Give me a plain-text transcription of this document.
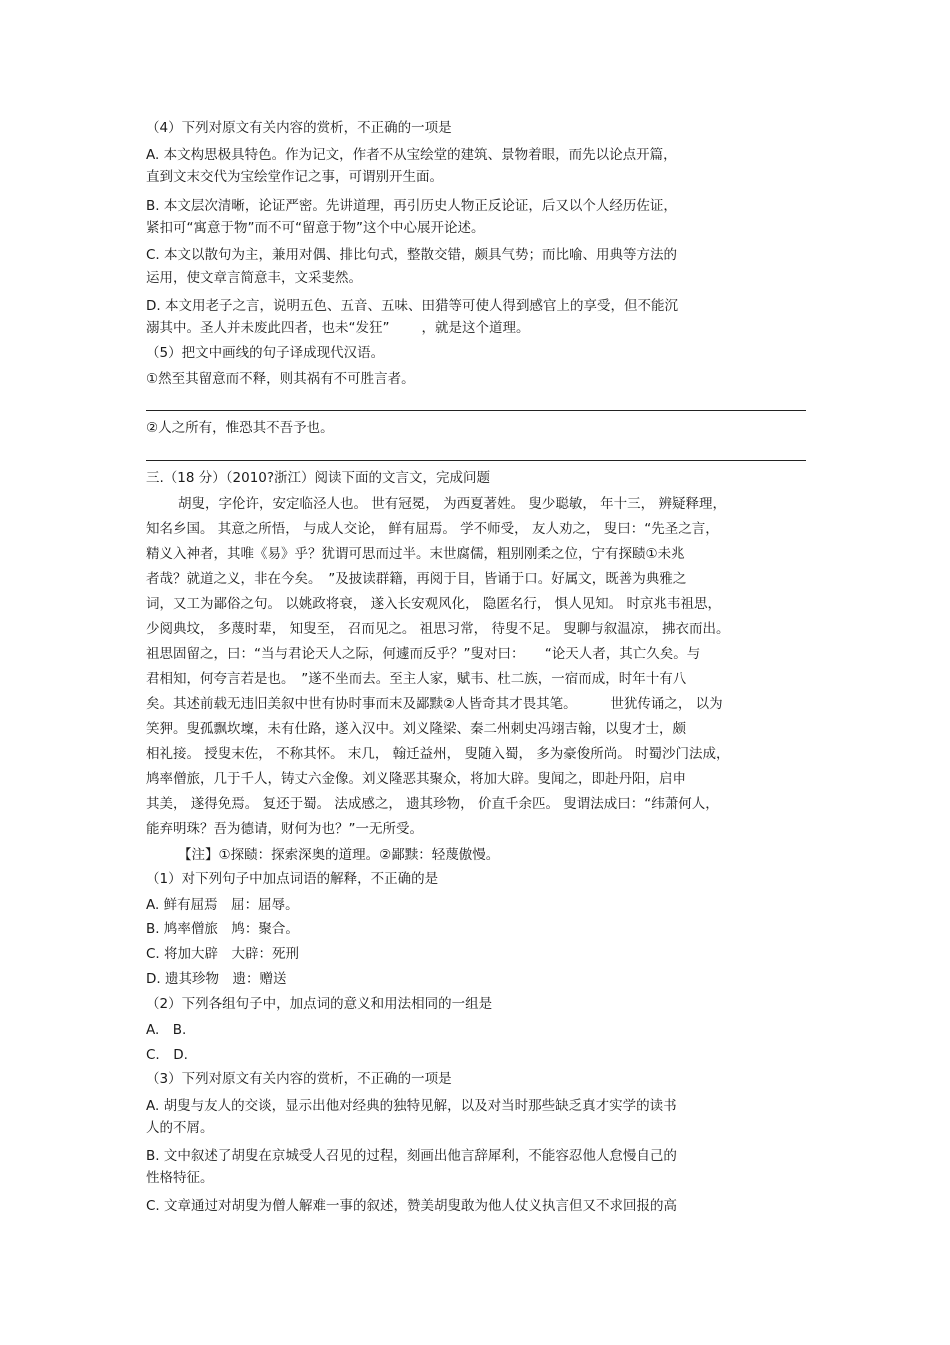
（4）下列对原文有关内容的赏析，不正确的一项是
A. 本文构思极具特色。作为记文，作者不从宝绘堂的建筑、景物着眼，而先以论点开篇，
直到文末交代为宝绘堂作记之事，可谓别开生面。
B. 本文层次清晰，论证严密。先讲道理，再引历史人物正反论证，后又以个人经历佐证，
紧扣可“寓意于物”而不可“留意于物”这个中心展开论述。
C. 本文以散句为主，兼用对偶、排比句式，整散交错，颇具气势；而比喻、用典等方法的
运用，使文章言简意丰，文采斐然。
D. 本文用老子之言，说明五色、五音、五味、田猎等可使人得到感官上的享受，但不能沉
溺其中。圣人并未废此四者，也未“发狂” ，就是这个道理。
（5）把文中画线的句子译成现代汉语。
①然至其留意而不释，则其祸有不可胜言者。
②人之所有，惟恐其不吾予也。
三.（18 分）（2010?浙江）阅读下面的文言文，完成问题
胡叟，字伦许，安定临泾人也。 世有冠冕， 为西夏著姓。 叟少聪敏， 年十三， 辨疑释理，
知名乡国。 其意之所悟， 与成人交论， 鲜有屈焉。 学不师受， 友人劝之， 叟曰：“先圣之言，
精义入神者，其唯《易》乎？犹谓可思而过半。末世腐儒，粗别刚柔之位，宁有探赜①未兆
者哉？就道之义，非在今矣。　”及披读群籍，再阅于目，皆诵于口。好属文，既善为典雅之
词，又工为鄙俗之句。 以姚政将衰， 遂入长安观风化， 隐匿名行， 惧人见知。 时京兆韦祖思，
少阅典坟， 多蔑时辈， 知叟至， 召而见之。 祖思习常， 待叟不足。 叟聊与叙温凉， 拂衣而出。
祖思固留之，曰：“当与君论天人之际，何遽而反乎？”叟对曰：　　“论天人者，其亡久矣。与
君相知，何夸言若是也。　”遂不坐而去。至主人家，赋韦、杜二族，一宿而成，时年十有八
矣。其述前载无违旧美叙中世有协时事而末及鄙黩②人皆奇其才畏其笔。　　　世犹传诵之， 以为
笑狎。叟孤飘坎壈，未有仕路，遂入汉中。刘义隆梁、秦二州刺史冯翊吉翰，以叟才士，颇
相礼接。 授叟末佐， 不称其怀。 末几， 翰迁益州， 叟随入蜀， 多为豪俊所尚。 时蜀沙门法成，
鸠率僧旅，几于千人，铸丈六金像。刘义隆恶其聚众，将加大辟。叟闻之，即赴丹阳，启申
其美， 遂得免焉。 复还于蜀。 法成感之， 遗其珍物， 价直千余匹。 叟谓法成曰：“纬萧何人，
能弃明珠？吾为德请，财何为也？”一无所受。
【注】①探赜：探索深奥的道理。②鄙黩：轻蔑傲慢。
（1）对下列句子中加点词语的解释，不正确的是
A. 鲜有屈焉　屈：屈辱。
B. 鸠率僧旅　鸠：聚合。
C. 将加大辟　大辟：死刑
D. 遗其珍物　遗：赠送
（2）下列各组句子中，加点词的意义和用法相同的一组是
A.　B.
C.　D.
（3）下列对原文有关内容的赏析，不正确的一项是
A. 胡叟与友人的交谈，显示出他对经典的独特见解，以及对当时那些缺乏真才实学的读书
人的不屑。
B. 文中叙述了胡叟在京城受人召见的过程，刻画出他言辞犀利，不能容忍他人怠慢自己的
性格特征。
C. 文章通过对胡叟为僧人解难一事的叙述，赞美胡叟敢为他人仗义执言但又不求回报的高
